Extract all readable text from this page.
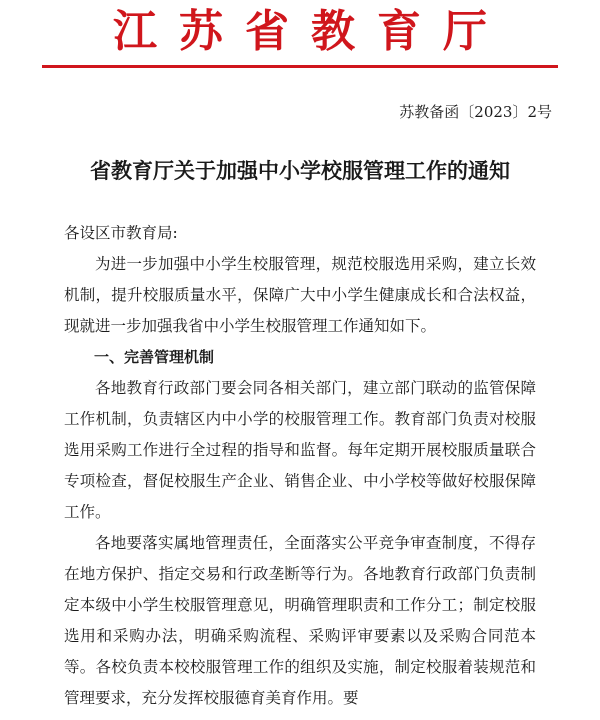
江苏省教育厅
苏教备函〔2023〕2号
省教育厅关于加强中小学校服管理工作的通知

各设区市教育局:

为进一步加强中小学生校服管理，规范校服选用采购，建立长效机制，提升校服质量水平，保障广大中小学生健康成长和合法权益，现就进一步加强我省中小学生校服管理工作通知如下。

一、完善管理机制

各地教育行政部门要会同各相关部门，建立部门联动的监管保障工作机制，负责辖区内中小学的校服管理工作。教育部门负责对校服选用采购工作进行全过程的指导和监督。每年定期开展校服质量联合专项检查，督促校服生产企业、销售企业、中小学校等做好校服保障工作。

各地要落实属地管理责任，全面落实公平竞争审查制度，不得存在地方保护、指定交易和行政垄断等行为。各地教育行政部门负责制定本级中小学生校服管理意见，明确管理职责和工作分工；制定校服选用和采购办法，明确采购流程、采购评审要素以及采购合同范本等。各校负责本校校服管理工作的组织及实施，制定校服着装规范和管理要求，充分发挥校服德育美育作用。要
